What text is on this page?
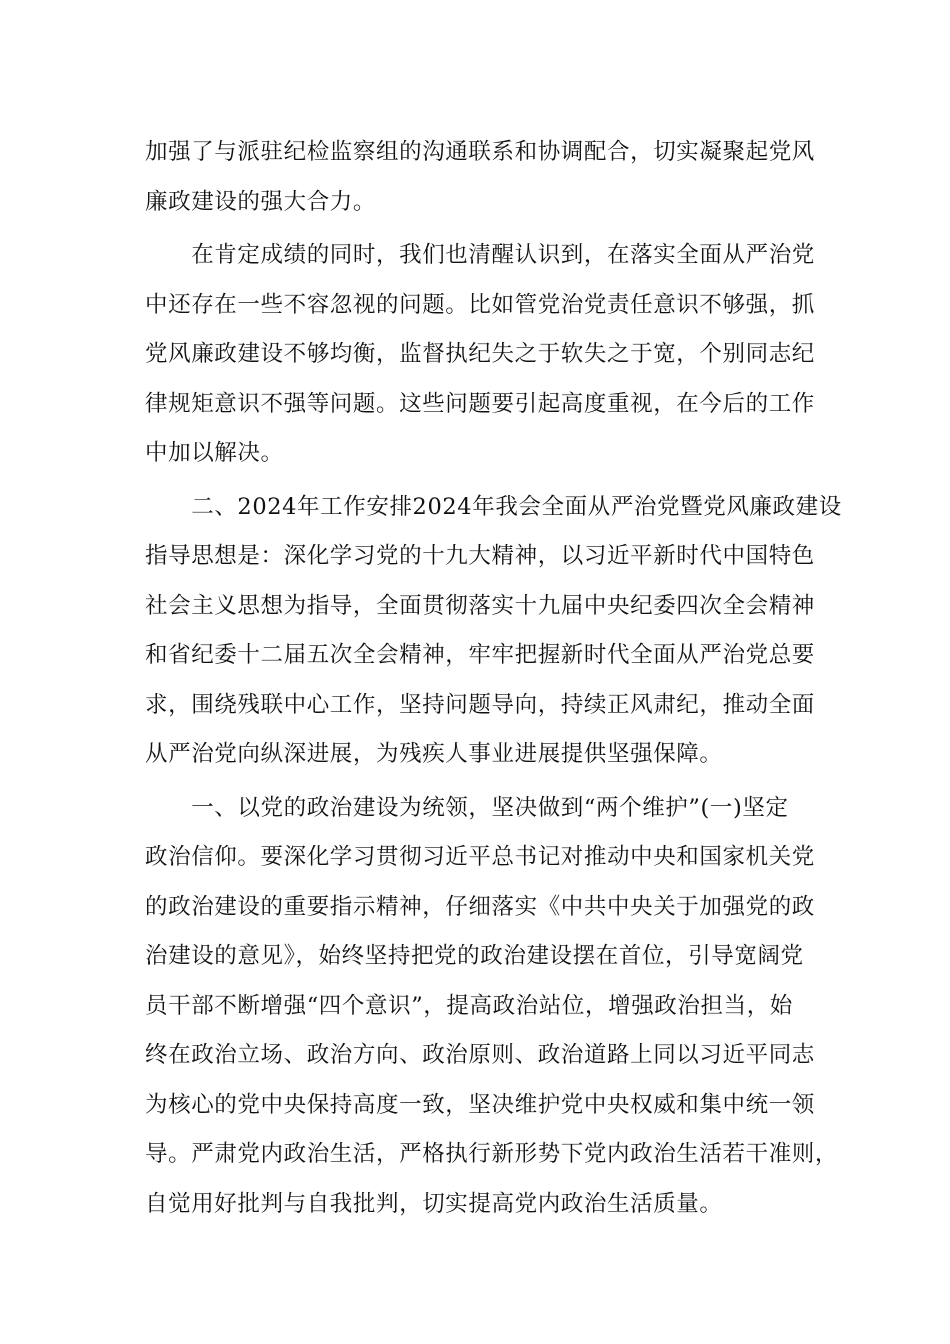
加强了与派驻纪检监察组的沟通联系和协调配合，切实凝聚起党风
廉政建设的强大合力。
　　在肯定成绩的同时，我们也清醒认识到，在落实全面从严治党
中还存在一些不容忽视的问题。比如管党治党责任意识不够强，抓
党风廉政建设不够均衡，监督执纪失之于软失之于宽，个别同志纪
律规矩意识不强等问题。这些问题要引起高度重视，在今后的工作
中加以解决。
　　二、2024年工作安排2024年我会全面从严治党暨党风廉政建设
指导思想是：深化学习党的十九大精神，以习近平新时代中国特色
社会主义思想为指导，全面贯彻落实十九届中央纪委四次全会精神
和省纪委十二届五次全会精神，牢牢把握新时代全面从严治党总要
求，围绕残联中心工作，坚持问题导向，持续正风肃纪，推动全面
从严治党向纵深进展，为残疾人事业进展提供坚强保障。
　　一、以党的政治建设为统领，坚决做到“两个维护”(一)坚定
政治信仰。要深化学习贯彻习近平总书记对推动中央和国家机关党
的政治建设的重要指示精神，仔细落实《中共中央关于加强党的政
治建设的意见》，始终坚持把党的政治建设摆在首位，引导宽阔党
员干部不断增强“四个意识”，提高政治站位，增强政治担当，始
终在政治立场、政治方向、政治原则、政治道路上同以习近平同志
为核心的党中央保持高度一致，坚决维护党中央权威和集中统一领
导。严肃党内政治生活，严格执行新形势下党内政治生活若干准则，
自觉用好批判与自我批判，切实提高党内政治生活质量。
